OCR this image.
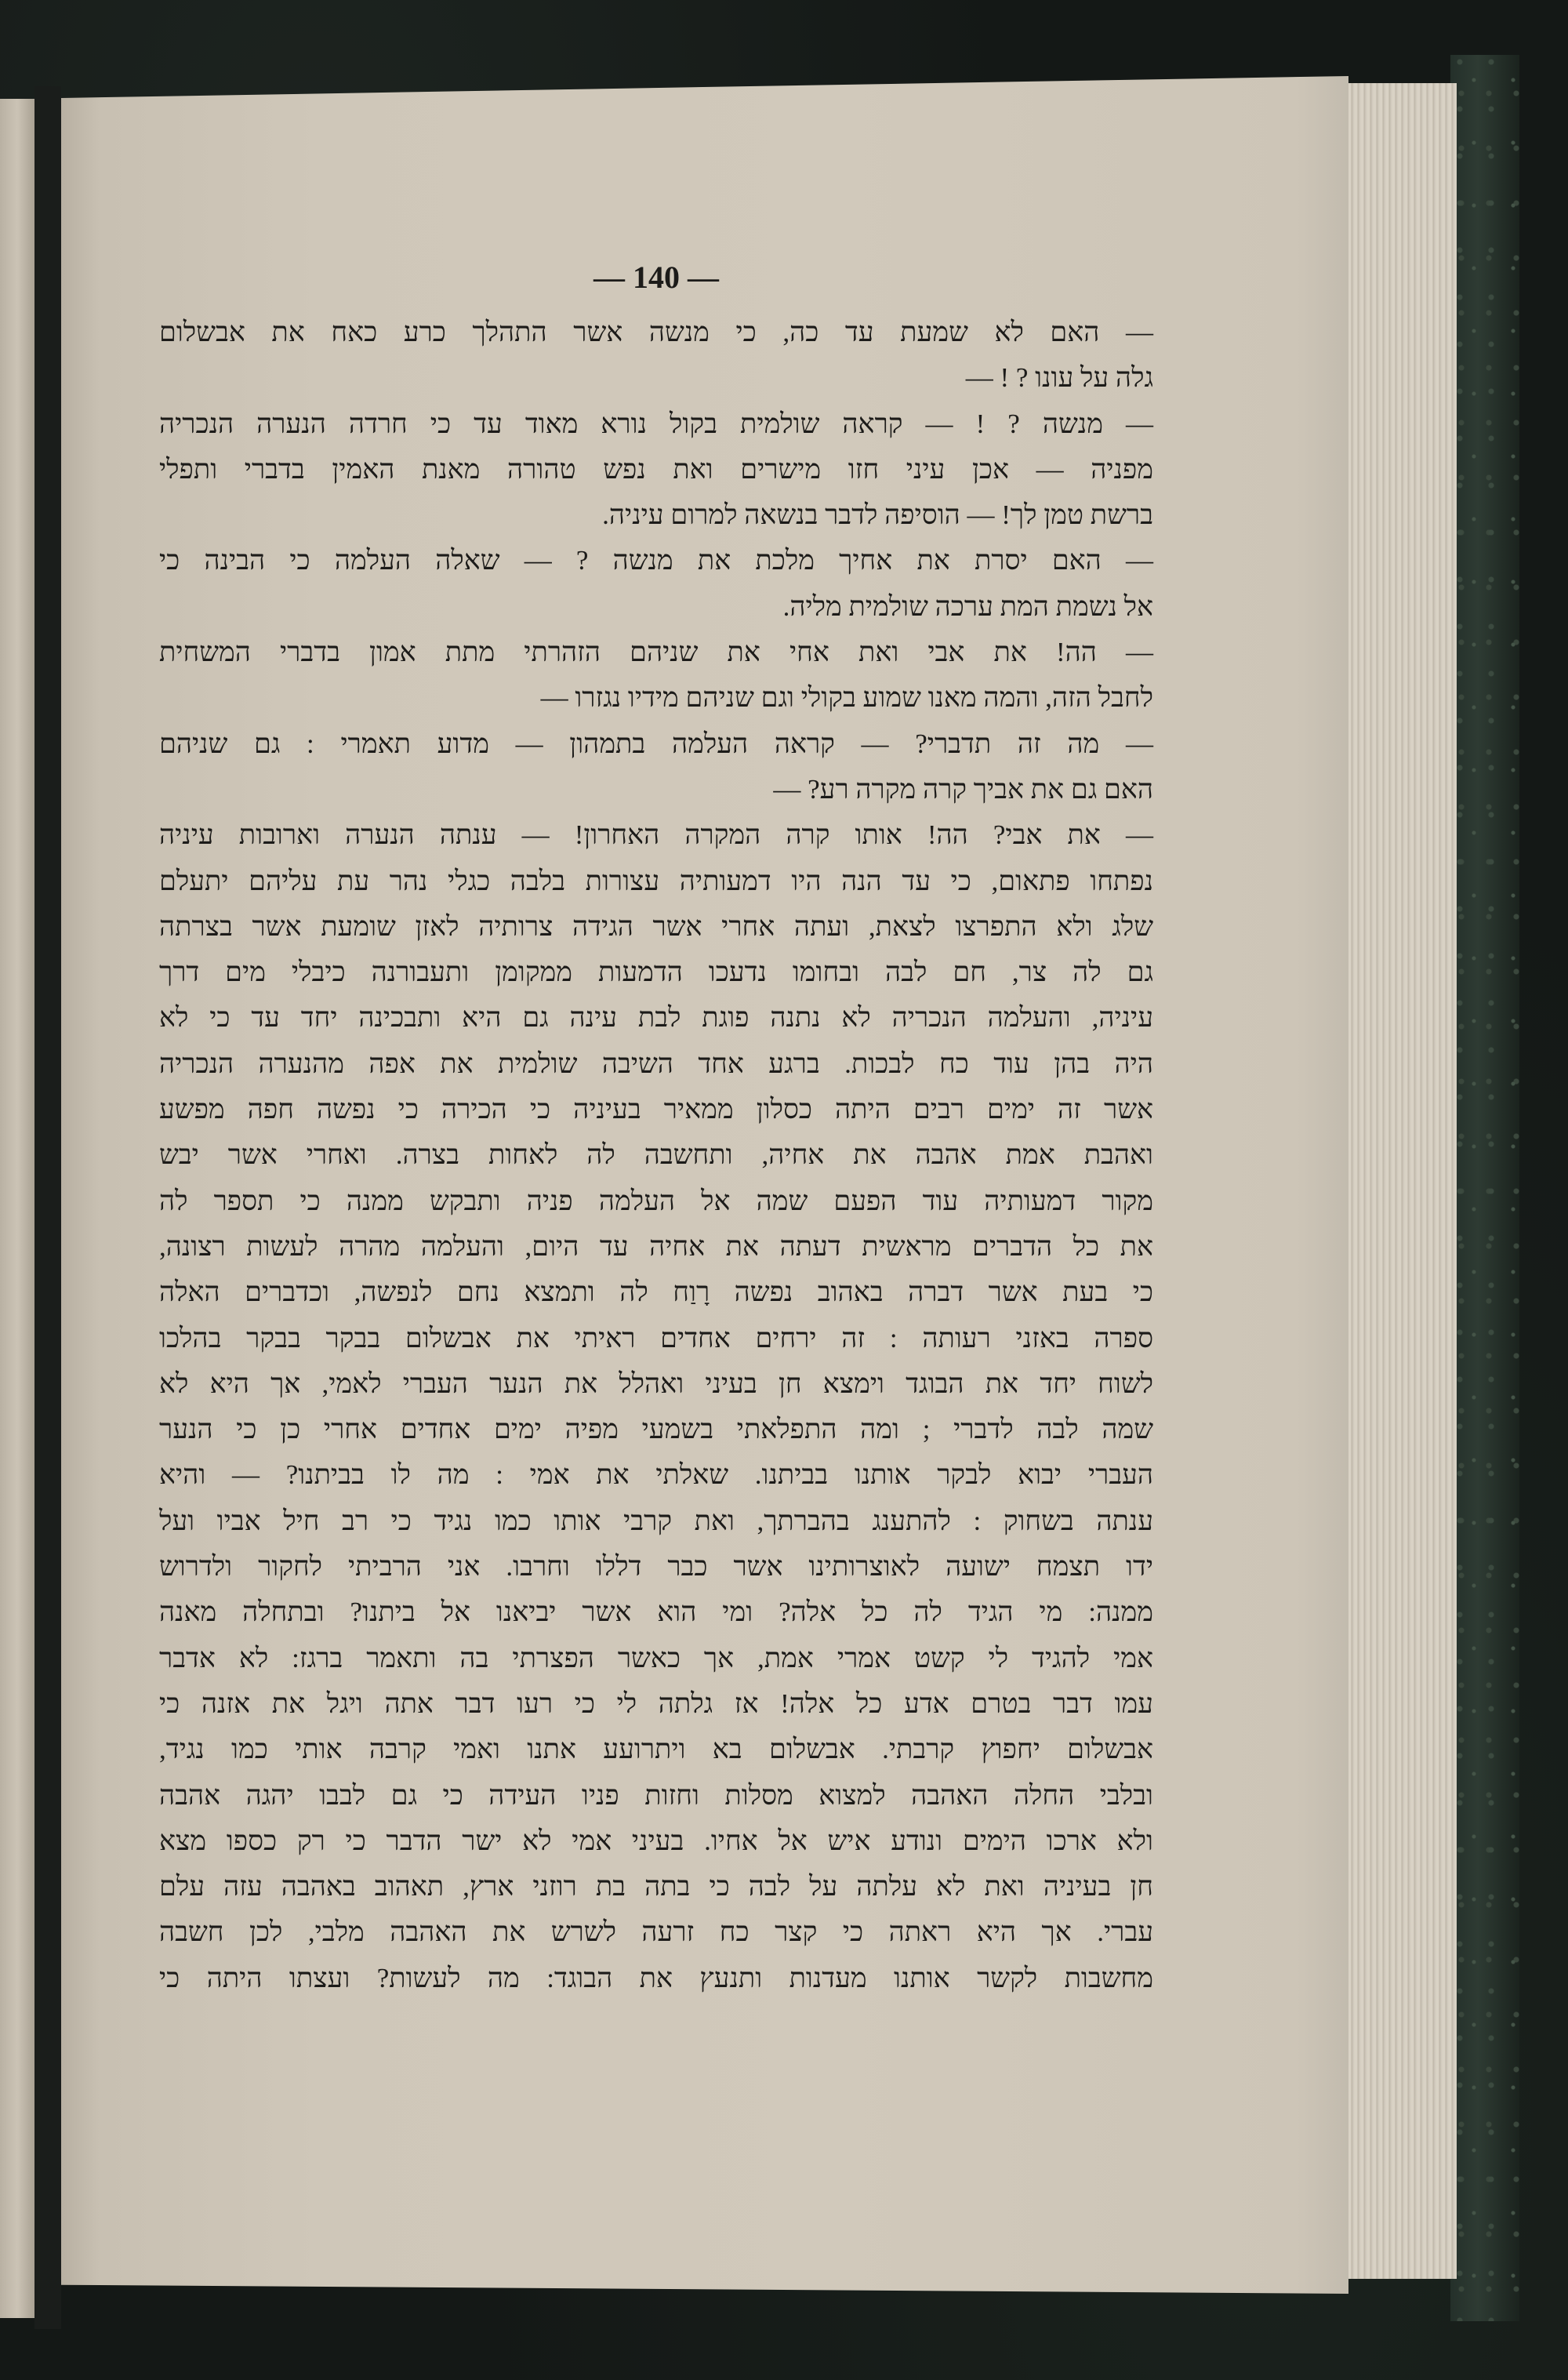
— 140 —
— האם לא שמעת עד כה, כי מנשה אשר התהלך כרע כאח את אבשלום
גלה על עונו ? ! —
— מנשה ? ! — קראה שולמית בקול נורא מאוד עד כי חרדה הנערה הנכריה
מפניה — אכן עיני חזו מישרים ואת נפש טהורה מאנת האמין בדברי ותפלי
ברשת טמן לך! — הוסיפה לדבר בנשאה למרום עיניה.
— האם יסרת את אחיך מלכת את מנשה ? — שאלה העלמה כי הבינה כי
אל נשמת המת ערכה שולמית מליה.
— הה! את אבי ואת אחי את שניהם הזהרתי מתת אמון בדברי המשחית
לחבל הזה, והמה מאנו שמוע בקולי וגם שניהם מידיו נגזרו —
— מה זה תדברי? — קראה העלמה בתמהון — מדוע תאמרי : גם שניהם
האם גם את אביך קרה מקרה רע? —
— את אבי? הה! אותו קרה המקרה האחרון! — ענתה הנערה וארובות עיניה
נפתחו פתאום, כי עד הנה היו דמעותיה עצורות בלבה כגלי נהר עת עליהם יתעלם
שלג ולא התפרצו לצאת, ועתה אחרי אשר הגידה צרותיה לאזן שומעת אשר בצרתה
גם לה צר, חם לבה ובחומו נדעכו הדמעות ממקומן ותעבורנה כיבלי מים דרך
עיניה, והעלמה הנכריה לא נתנה פוגת לבת עינה גם היא ותבכינה יחד עד כי לא
היה בהן עוד כח לבכות. ברגע אחד השיבה שולמית את אפה מהנערה הנכריה
אשר זה ימים רבים היתה כסלון ממאיר בעיניה כי הכירה כי נפשה חפה מפשע
ואהבת אמת אהבה את אחיה, ותחשבה לה לאחות בצרה. ואחרי אשר יבש
מקור דמעותיה עוד הפעם שמה אל העלמה פניה ותבקש ממנה כי תספר לה
את כל הדברים מראשית דעתה את אחיה עד היום, והעלמה מהרה לעשות רצונה,
כי בעת אשר דברה באהוב נפשה רָוַח לה ותמצא נחם לנפשה, וכדברים האלה
ספרה באזני רעותה : זה ירחים אחדים ראיתי את אבשלום בבקר בבקר בהלכו
לשוח יחד את הבוגד וימצא חן בעיני ואהלל את הנער העברי לאמי, אך היא לא
שמה לבה לדברי ; ומה התפלאתי בשמעי מפיה ימים אחדים אחרי כן כי הנער
העברי יבוא לבקר אותנו בביתנו. שאלתי את אמי : מה לו בביתנו? — והיא
ענתה בשחוק : להתענג בהברתך, ואת קרבי אותו כמו נגיד כי רב חיל אביו ועל
ידו תצמח ישועה לאוצרותינו אשר כבר דללו וחרבו. אני הרביתי לחקור ולדרוש
ממנה: מי הגיד לה כל אלה? ומי הוא אשר יביאנו אל ביתנו? ובתחלה מאנה
אמי להגיד לי קשט אמרי אמת, אך כאשר הפצרתי בה ותאמר ברגז: לא אדבר
עמו דבר בטרם אדע כל אלה! אז גלתה לי כי רעו דבר אתה ויגל את אזנה כי
אבשלום יחפוץ קרבתי. אבשלום בא ויתרועע אתנו ואמי קרבה אותי כמו נגיד,
ובלבי החלה האהבה למצוא מסלות וחזות פניו העידה כי גם לבבו יהגה אהבה
ולא ארכו הימים ונודע איש אל אחיו. בעיני אמי לא ישר הדבר כי רק כספו מצא
חן בעיניה ואת לא עלתה על לבה כי בתה בת רוזני ארץ, תאהוב באהבה עזה עלם
עברי. אך היא ראתה כי קצר כח זרעה לשרש את האהבה מלבי, לכן חשבה
מחשבות לקשר אותנו מעדנות ותנעץ את הבוגד: מה לעשות? ועצתו היתה כי
